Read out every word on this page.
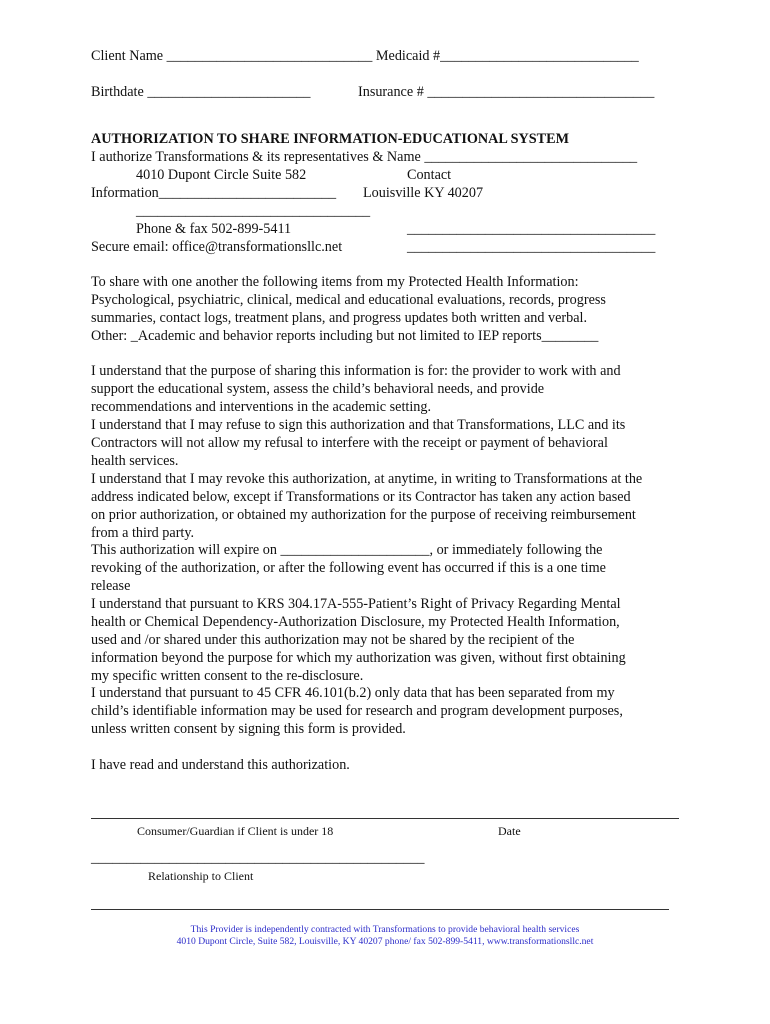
Client Name _____________________________ Medicaid #____________________________
Birthdate _______________________	Insurance # ________________________________
AUTHORIZATION TO SHARE INFORMATION-EDUCATIONAL SYSTEM
I authorize Transformations & its representatives & Name ______________________________
4010 Dupont Circle Suite 582	Contact
Information_________________________ Louisville KY 40207
_________________________________
Phone & fax 502-899-5411	___________________________________
Secure email: office@transformationsllc.net	___________________________________
To share with one another the following items from my Protected Health Information:
Psychological, psychiatric, clinical, medical and educational evaluations, records, progress
summaries, contact logs, treatment plans, and progress updates both written and verbal.
Other: _Academic and behavior reports including but not limited to IEP reports________
I understand that the purpose of sharing this information is for: the provider to work with and
support the educational system, assess the child’s behavioral needs, and provide
recommendations and interventions in the academic setting.
I understand that I may refuse to sign this authorization and that Transformations, LLC and its
Contractors will not allow my refusal to interfere with the receipt or payment of behavioral
health services.
I understand that I may revoke this authorization, at anytime, in writing to Transformations at the
address indicated below, except if Transformations or its Contractor has taken any action based
on prior authorization, or obtained my authorization for the purpose of receiving reimbursement
from a third party.
This authorization will expire on _____________________, or immediately following the
revoking of the authorization, or after the following event has occurred if this is a one time
release
I understand that pursuant to KRS 304.17A-555-Patient’s Right of Privacy Regarding Mental
health or Chemical Dependency-Authorization Disclosure, my Protected Health Information,
used and /or shared under this authorization may not be shared by the recipient of the
information beyond the purpose for which my authorization was given, without first obtaining
my specific written consent to the re-disclosure.
I understand that pursuant to 45 CFR 46.101(b.2) only data that has been separated from my
child’s identifiable information may be used for research and program development purposes,
unless written consent by signing this form is provided.
I have read and understand this authorization.
Consumer/Guardian if Client is under 18	Date
_______________________________________________
Relationship to Client
This Provider is independently contracted with Transformations to provide behavioral health services
4010 Dupont Circle, Suite 582, Louisville, KY 40207 phone/ fax 502-899-5411, www.transformationsllc.net
